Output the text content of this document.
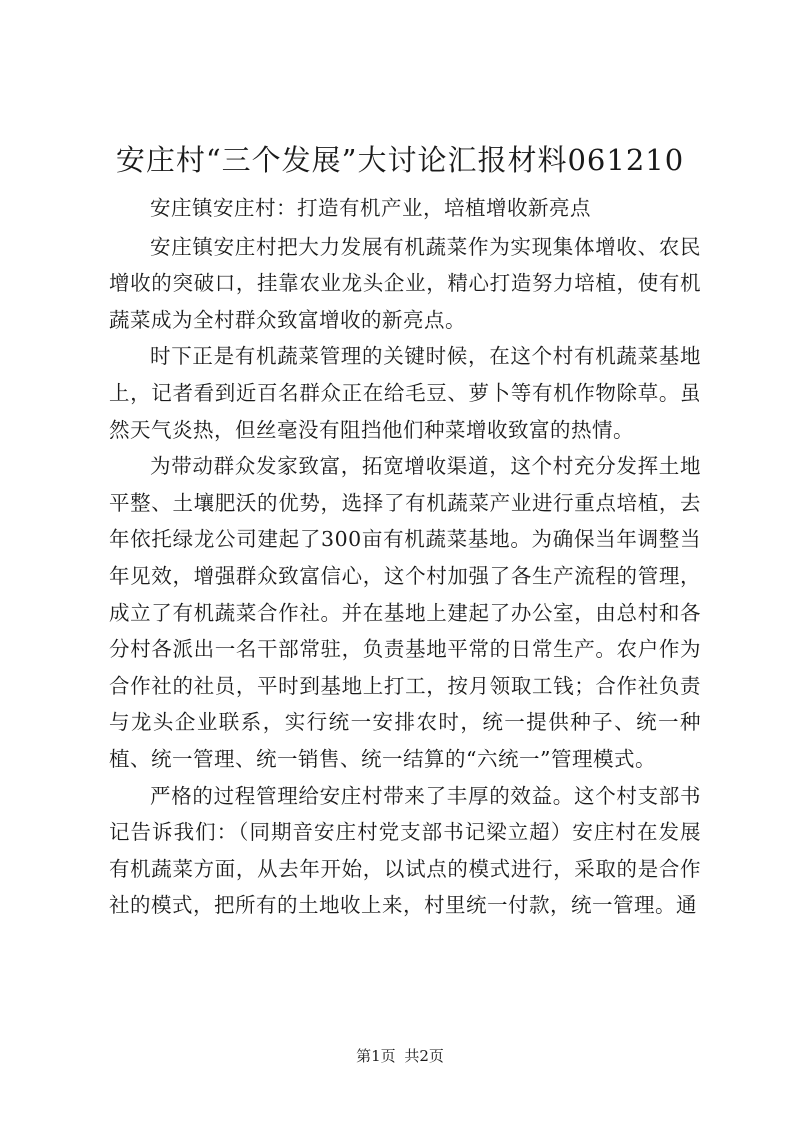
安庄村“三个发展”大讨论汇报材料061210

安庄镇安庄村：打造有机产业，培植增收新亮点

安庄镇安庄村把大力发展有机蔬菜作为实现集体增收、农民增收的突破口，挂靠农业龙头企业，精心打造努力培植，使有机蔬菜成为全村群众致富增收的新亮点。

时下正是有机蔬菜管理的关键时候，在这个村有机蔬菜基地上，记者看到近百名群众正在给毛豆、萝卜等有机作物除草。虽然天气炎热，但丝毫没有阻挡他们种菜增收致富的热情。

为带动群众发家致富，拓宽增收渠道，这个村充分发挥土地平整、土壤肥沃的优势，选择了有机蔬菜产业进行重点培植，去年依托绿龙公司建起了300亩有机蔬菜基地。为确保当年调整当年见效，增强群众致富信心，这个村加强了各生产流程的管理，成立了有机蔬菜合作社。并在基地上建起了办公室，由总村和各分村各派出一名干部常驻，负责基地平常的日常生产。农户作为合作社的社员，平时到基地上打工，按月领取工钱；合作社负责与龙头企业联系，实行统一安排农时，统一提供种子、统一种植、统一管理、统一销售、统一结算的“六统一”管理模式。

严格的过程管理给安庄村带来了丰厚的效益。这个村支部书记告诉我们：（同期音安庄村党支部书记梁立超）安庄村在发展有机蔬菜方面，从去年开始，以试点的模式进行，采取的是合作社的模式，把所有的土地收上来，村里统一付款，统一管理。通

第1页 共2页
